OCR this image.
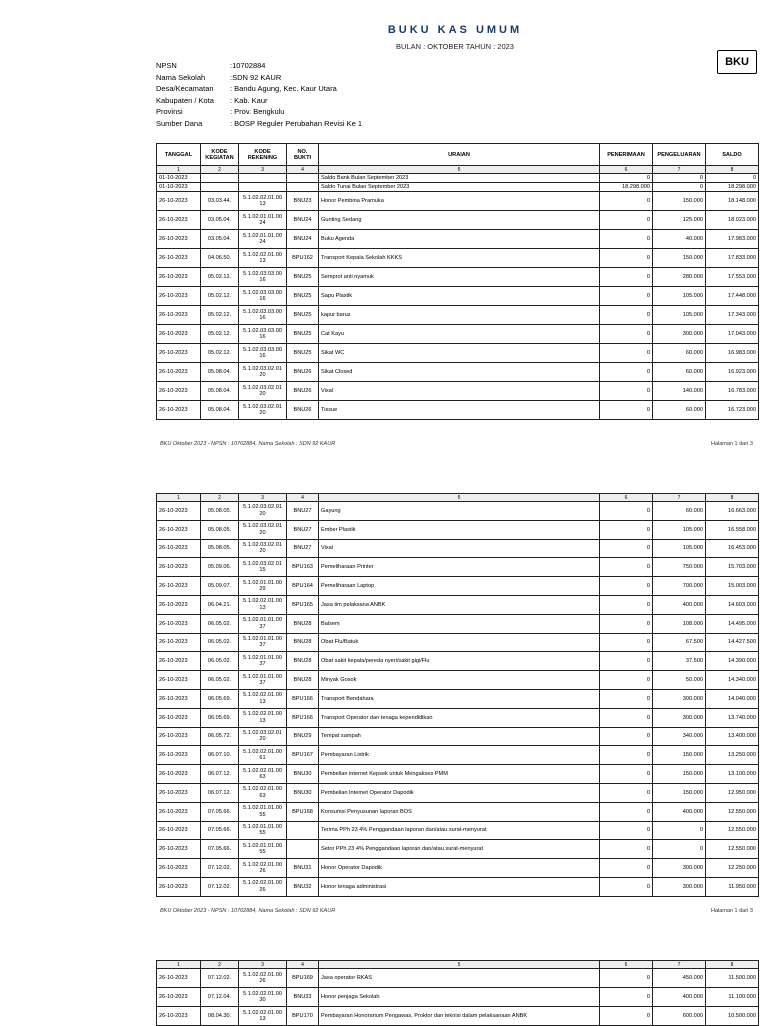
BUKU KAS UMUM
BULAN : OKTOBER TAHUN : 2023
BKU
NPSN	:10702884
Nama Sekolah	:SDN 92 KAUR
Desa/Kecamatan	: Bandu Agung, Kec. Kaur Utara
Kabupaten / Kota	: Kab. Kaur
Provinsi	: Prov. Bengkulu
Sumber Dana	: BOSP Reguler Perubahan Revisi Ke 1
TANGGAL	KODE KEGIATAN	KODE REKENING	NO. BUKTI	URAIAN	PENERIMAAN	PENGELUARAN	SALDO
1	2	3	4	5	6	7	8
01-10-2023				Saldo Bank Bulan September 2023	0	0	0
01-10-2023				Saldo Tunai Bulan September 2023	18.298.000	0	18.298.000
26-10-2023	03.03.44.	5.1.02.02.01.00 13	BNU23	Honor Pembina Pramuka	0	150.000	18.148.000
26-10-2023	03.05.04.	5.1.02.01.01.00 24	BNU24	Gunting Sedang	0	125.000	18.023.000
26-10-2023	03.05.04.	5.1.02.01.01.00 24	BNU24	Buku Agenda	0	40.000	17.983.000
26-10-2023	04.06.50.	5.1.02.02.01.00 13	BPU162	Transport Kepala Sekolah KKKS	0	150.000	17.833.000
26-10-2023	05.02.12.	5.1.02.03.03.00 16	BNU25	Semprot anti nyamuk	0	280.000	17.553.000
26-10-2023	05.02.12.	5.1.02.03.03.00 16	BNU25	Sapu Plastik	0	105.000	17.448.000
26-10-2023	05.02.12.	5.1.02.03.03.00 16	BNU25	kapur barus	0	105.000	17.343.000
26-10-2023	05.02.12.	5.1.02.03.03.00 16	BNU25	Cat Kayu	0	300.000	17.043.000
26-10-2023	05.02.12.	5.1.02.03.03.00 16	BNU25	Sikat WC	0	60.000	16.983.000
26-10-2023	05.08.04.	5.1.02.03.02.01 20	BNU26	Sikat Closed	0	60.000	16.923.000
26-10-2023	05.08.04.	5.1.02.03.02.01 20	BNU26	Vixal	0	140.000	16.783.000
26-10-2023	05.08.04.	5.1.02.03.02.01 20	BNU26	Tissue	0	60.000	16.723.000
BKU Oktober 2023 - NPSN : 10702884, Nama Sekolah : SDN 92 KAUR	Halaman 1 dari 3
1	2	3	4	5	6	7	8
26-10-2023	05.08.05.	5.1.02.03.02.01 20	BNU27	Gayung	0	60.000	16.663.000
26-10-2023	05.08.05.	5.1.02.03.02.01 20	BNU27	Ember Plastik	0	105.000	16.558.000
26-10-2023	05.08.05.	5.1.02.03.02.01 20	BNU27	Vixal	0	105.000	16.453.000
26-10-2023	05.09.06.	5.1.02.03.02.01 15	BPU163	Pemeliharaan Printer	0	750.000	15.703.000
26-10-2023	05.09.07.	5.1.02.01.01.00 29	BPU164	Pemeliharaan Laptop	0	700.000	15.003.000
26-10-2023	06.04.21.	5.1.02.02.01.00 13	BPU165	Jasa tim pelaksana ANBK	0	400.000	14.603.000
26-10-2023	06.05.02.	5.1.02.01.01.00 37	BNU28	Balsem	0	108.000	14.495.000
26-10-2023	06.05.02.	5.1.02.01.01.00 37	BNU28	Obat Flu/Batuk	0	67.500	14.427.500
26-10-2023	06.05.02.	5.1.02.01.01.00 37	BNU28	Obat sakit kepala/pereda nyeri/sakit gigi/Flu	0	37.500	14.390.000
26-10-2023	06.05.02.	5.1.02.01.01.00 37	BNU28	Minyak Gosok	0	50.000	14.340.000
26-10-2023	06.05.69.	5.1.02.02.01.00 13	BPU166	Transport Bendahara	0	300.000	14.040.000
26-10-2023	06.05.69.	5.1.02.02.01.00 13	BPU166	Transport Operator dan tenaga kependidikan	0	300.000	13.740.000
26-10-2023	06.05.72.	5.1.02.03.02.01 20	BNU29	Tempat sampah	0	340.000	13.400.000
26-10-2023	06.07.10.	5.1.02.02.01.00 61	BPU167	Pembayaran Listrik	0	150.000	13.250.000
26-10-2023	06.07.12.	5.1.02.02.01.00 63	BNU30	Pembelian internet Kepsek untuk Mengakses PMM	0	150.000	13.100.000
26-10-2023	06.07.12.	5.1.02.02.01.00 63	BNU30	Pembelian Internet Operator Dapodik	0	150.000	12.950.000
26-10-2023	07.05.66.	5.1.02.01.01.00 55	BPU168	Konsumsi Penyusunan laporan BOS	0	400.000	12.550.000
26-10-2023	07.05.66.	5.1.02.01.01.00 55		Terima PPh 23 4% Penggandaan laporan dan/atau surat-menyurat	0	0	12.550.000
26-10-2023	07.05.66.	5.1.02.01.01.00 55		Setor PPh 23 4% Penggandaan laporan dan/atau surat-menyurat	0	0	12.550.000
26-10-2023	07.12.02.	5.1.02.02.01.00 26	BNU31	Honor Operator Dapodik	0	300.000	12.250.000
26-10-2023	07.12.02.	5.1.02.02.01.00 26	BNU32	Honor tenaga administrasi	0	300.000	11.950.000
BKU Oktober 2023 - NPSN : 10702884, Nama Sekolah : SDN 92 KAUR	Halaman 1 dari 3
1	2	3	4	5	6	7	8
26-10-2023	07.12.02.	5.1.02.02.01.00 26	BPU169	Jasa operator RKAS	0	450.000	11.500.000
26-10-2023	07.12.04.	5.1.02.02.01.00 30	BNU33	Honor penjaga Sekolah	0	400.000	11.100.000
26-10-2023	08.04.30.	5.1.02.02.01.00 13	BPU170	Pembayaran Honorarium Pengawas, Proktor dan teknisi dalam pelaksanaan ANBK	0	600.000	10.500.000
